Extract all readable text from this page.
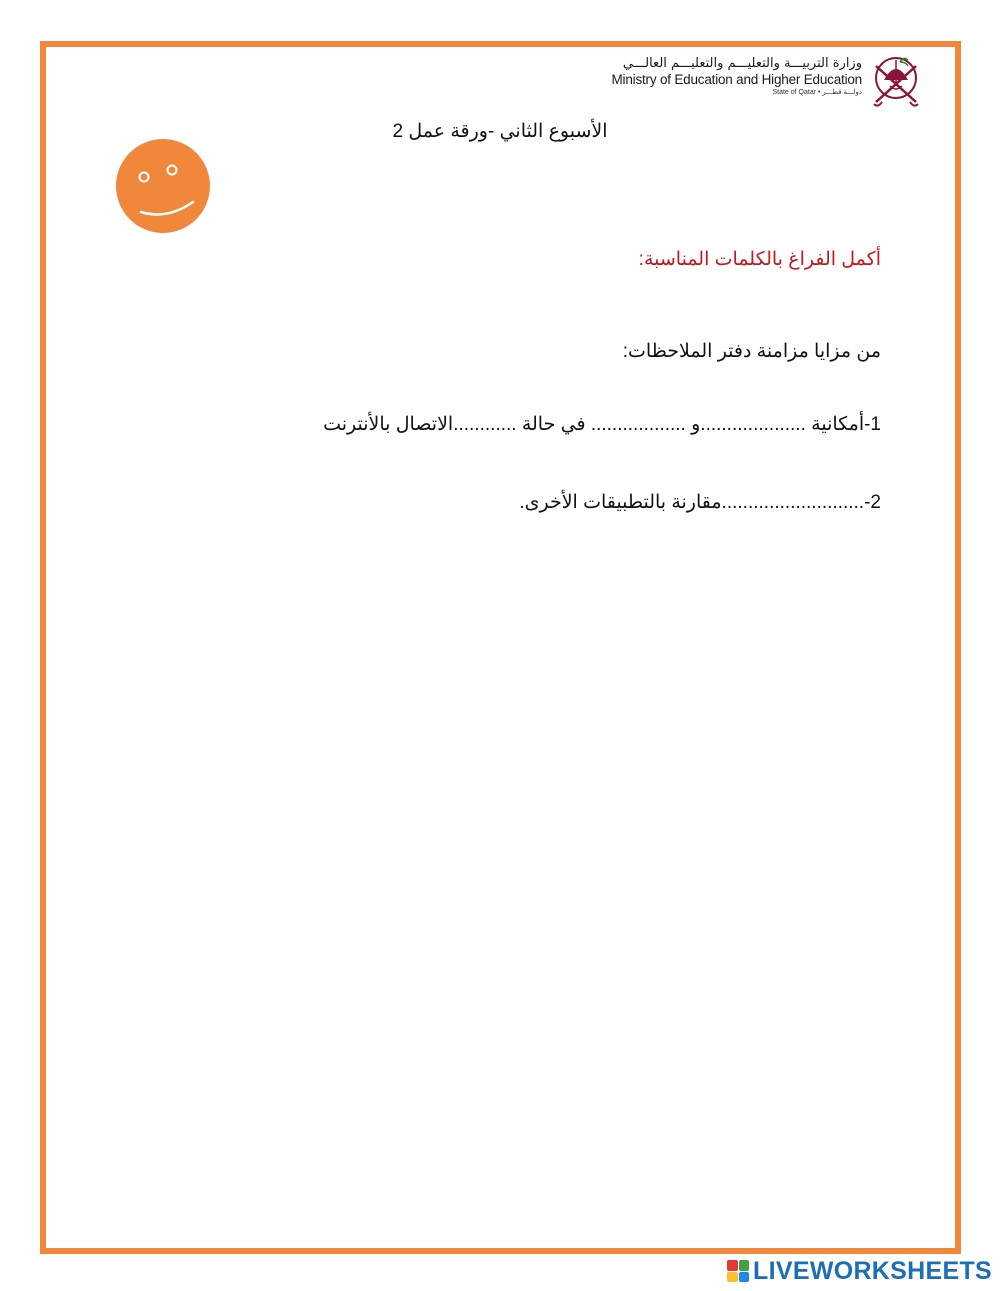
وزارة التربيـــة والتعليـــم والتعليـــم العالـــي
Ministry of Education and Higher Education
State of Qatar • دولـــة قطـــر
الأسبوع الثاني -ورقة عمل 2
أكمل الفراغ بالكلمات المناسبة:
من مزايا مزامنة دفتر الملاحظات:
1-أمكانية ....................و .................. في حالة ............الاتصال بالأنترنت
2-...........................مقارنة بالتطبيقات الأخرى.
LIVEWORKSHEETS
